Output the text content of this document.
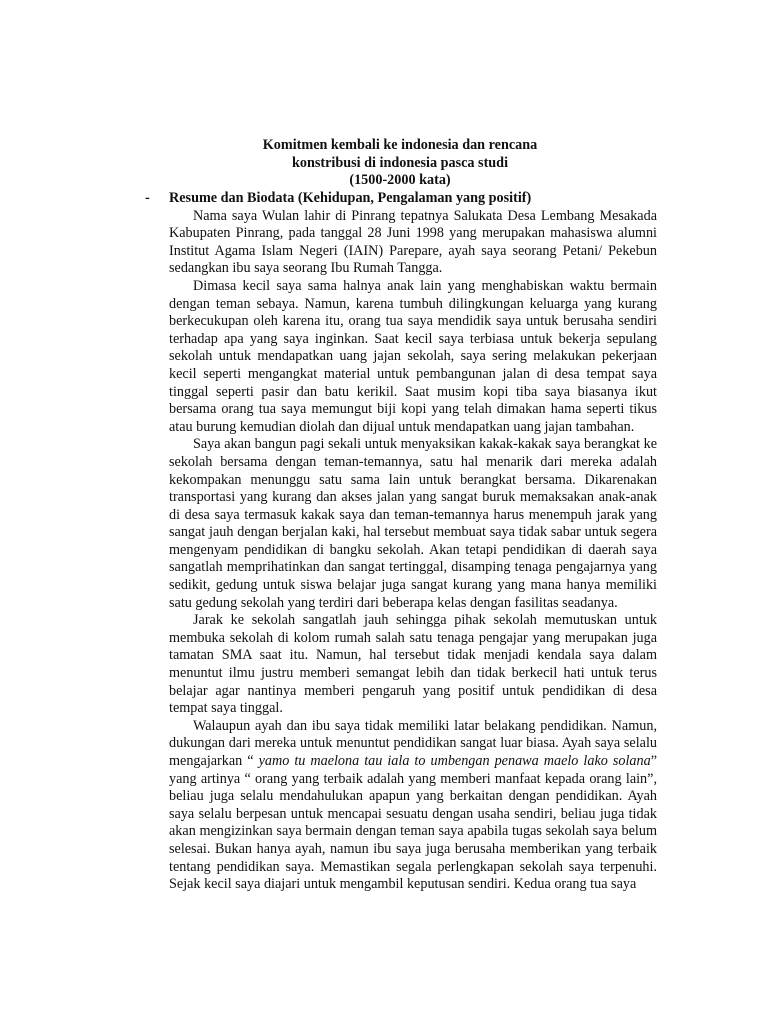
Komitmen kembali ke indonesia dan rencana
konstribusi di indonesia pasca studi
(1500-2000 kata)
-	Resume dan Biodata (Kehidupan, Pengalaman yang positif)

Nama saya Wulan lahir di Pinrang tepatnya Salukata Desa Lembang Mesakada Kabupaten Pinrang, pada tanggal 28 Juni 1998 yang merupakan mahasiswa alumni Institut Agama Islam Negeri (IAIN) Parepare, ayah saya seorang Petani/ Pekebun sedangkan ibu saya seorang Ibu Rumah Tangga.

Dimasa kecil saya sama halnya anak lain yang menghabiskan waktu bermain dengan teman sebaya. Namun, karena tumbuh dilingkungan keluarga yang kurang berkecukupan oleh karena itu, orang tua saya mendidik saya untuk berusaha sendiri terhadap apa yang saya inginkan. Saat kecil saya terbiasa untuk bekerja sepulang sekolah untuk mendapatkan uang jajan sekolah, saya sering melakukan pekerjaan kecil seperti mengangkat material untuk pembangunan jalan di desa tempat saya tinggal seperti pasir dan batu kerikil. Saat musim kopi tiba saya biasanya ikut bersama orang tua saya memungut biji kopi yang telah dimakan hama seperti tikus atau burung kemudian diolah dan dijual untuk mendapatkan uang jajan tambahan.

Saya akan bangun pagi sekali untuk menyaksikan kakak-kakak saya berangkat ke sekolah bersama dengan teman-temannya, satu hal menarik dari mereka adalah kekompakan menunggu satu sama lain untuk berangkat bersama. Dikarenakan transportasi yang kurang dan akses jalan yang sangat buruk memaksakan anak-anak di desa saya termasuk kakak saya dan teman-temannya harus menempuh jarak yang sangat jauh dengan berjalan kaki, hal tersebut membuat saya tidak sabar untuk segera mengenyam pendidikan di bangku sekolah. Akan tetapi pendidikan di daerah saya sangatlah memprihatinkan dan sangat tertinggal, disamping tenaga pengajarnya yang sedikit, gedung untuk siswa belajar juga sangat kurang yang mana hanya memiliki satu gedung sekolah yang terdiri dari beberapa kelas dengan fasilitas seadanya.

Jarak ke sekolah sangatlah jauh sehingga pihak sekolah memutuskan untuk membuka sekolah di kolom rumah salah satu tenaga pengajar yang merupakan juga tamatan SMA saat itu. Namun, hal tersebut tidak menjadi kendala saya dalam menuntut ilmu justru memberi semangat lebih dan tidak berkecil hati untuk terus belajar agar nantinya memberi pengaruh yang positif untuk pendidikan di desa tempat saya tinggal.

Walaupun ayah dan ibu saya tidak memiliki latar belakang pendidikan. Namun, dukungan dari mereka untuk menuntut pendidikan sangat luar biasa. Ayah saya selalu mengajarkan “ yamo tu maelona tau iala to umbengan penawa maelo lako solana” yang artinya “ orang yang terbaik adalah yang memberi manfaat kepada orang lain”, beliau juga selalu mendahulukan apapun yang berkaitan dengan pendidikan. Ayah saya selalu berpesan untuk mencapai sesuatu dengan usaha sendiri, beliau juga tidak akan mengizinkan saya bermain dengan teman saya apabila tugas sekolah saya belum selesai. Bukan hanya ayah, namun ibu saya juga berusaha memberikan yang terbaik tentang pendidikan saya. Memastikan segala perlengkapan sekolah saya terpenuhi. Sejak kecil saya diajari untuk mengambil keputusan sendiri. Kedua orang tua saya
